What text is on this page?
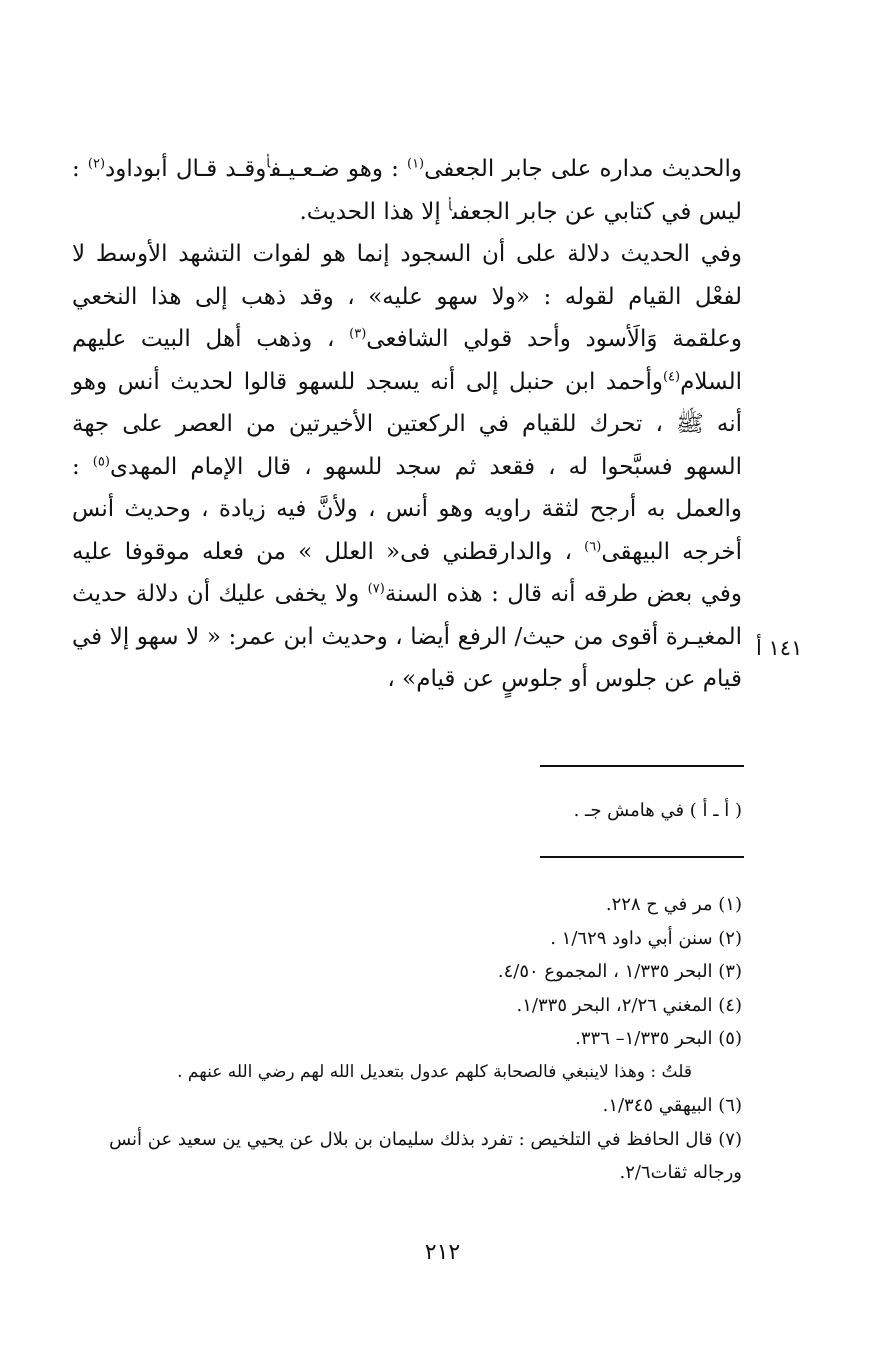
والحديث مداره على جابر الجعفى$^{(١)}$ : وهو ضـعـيـف$^أ$وقـد قـال أبوداود$^{(٢)}$ : ليس في كتابي عن جابر الجعفى$^أ$ إلا هذا الحديث.

وفي الحديث دلالة على أن السجود إنما هو لفوات التشهد الأوسط لا لفعْل القيام لقوله : «ولا سهو عليه» ، وقد ذهب إلى هذا النخعي وعلقمة وَالَأسود وأحد قولي الشافعى$^{(٣)}$ ، وذهب أهل البيت عليهم السلام$^{(٤)}$وأحمد ابن حنبل إلى أنه يسجد للسهو قالوا لحديث أنس وهو أنه ﷺ ، تحرك للقيام في الركعتين الأخيرتين من العصر على جهة السهو فسبَّحوا له ، فقعد ثم سجد للسهو ، قال الإمام المهدى$^{(٥)}$ : والعمل به أرجح لثقة راويه وهو أنس ، ولأنَّ فيه زيادة ، وحديث أنس أخرجه البيهقى$^{(٦)}$ ، والدارقطني فى« العلل » من فعله موقوفا عليه وفي بعض طرقه أنه قال : هذه السنة$^{(٧)}$ ولا يخفى عليك أن دلالة حديث المغيـرة أقوى من حيث/ الرفع أيضا ، وحديث ابن عمر: « لا سهو إلا في قيام عن جلوس أو جلوسٍ عن قيام» ،

١٤١ أ
( أ ـ أ ) في هامش جـ .

(١) مر في ح ٢٢٨.

(٢) سنن أبي داود ١/٦٢٩ .

(٣) البحر ١/٣٣٥ ، المجموع ٤/٥٠.

(٤) المغني ٢/٢٦، البحر ١/٣٣٥.

(٥) البحر ١/٣٣٥– ٣٣٦.

قلتُ : وهذا لاينبغي فالصحابة كلهم عدول بتعديل الله لهم رضي الله عنهم .

(٦) البيهقي ١/٣٤٥.

(٧) قال الحافظ في التلخيص : تفرد بذلك سليمان بن بلال عن يحيي ين سعيد عن أنس ورجاله ثقات٢/٦.

٢١٢
